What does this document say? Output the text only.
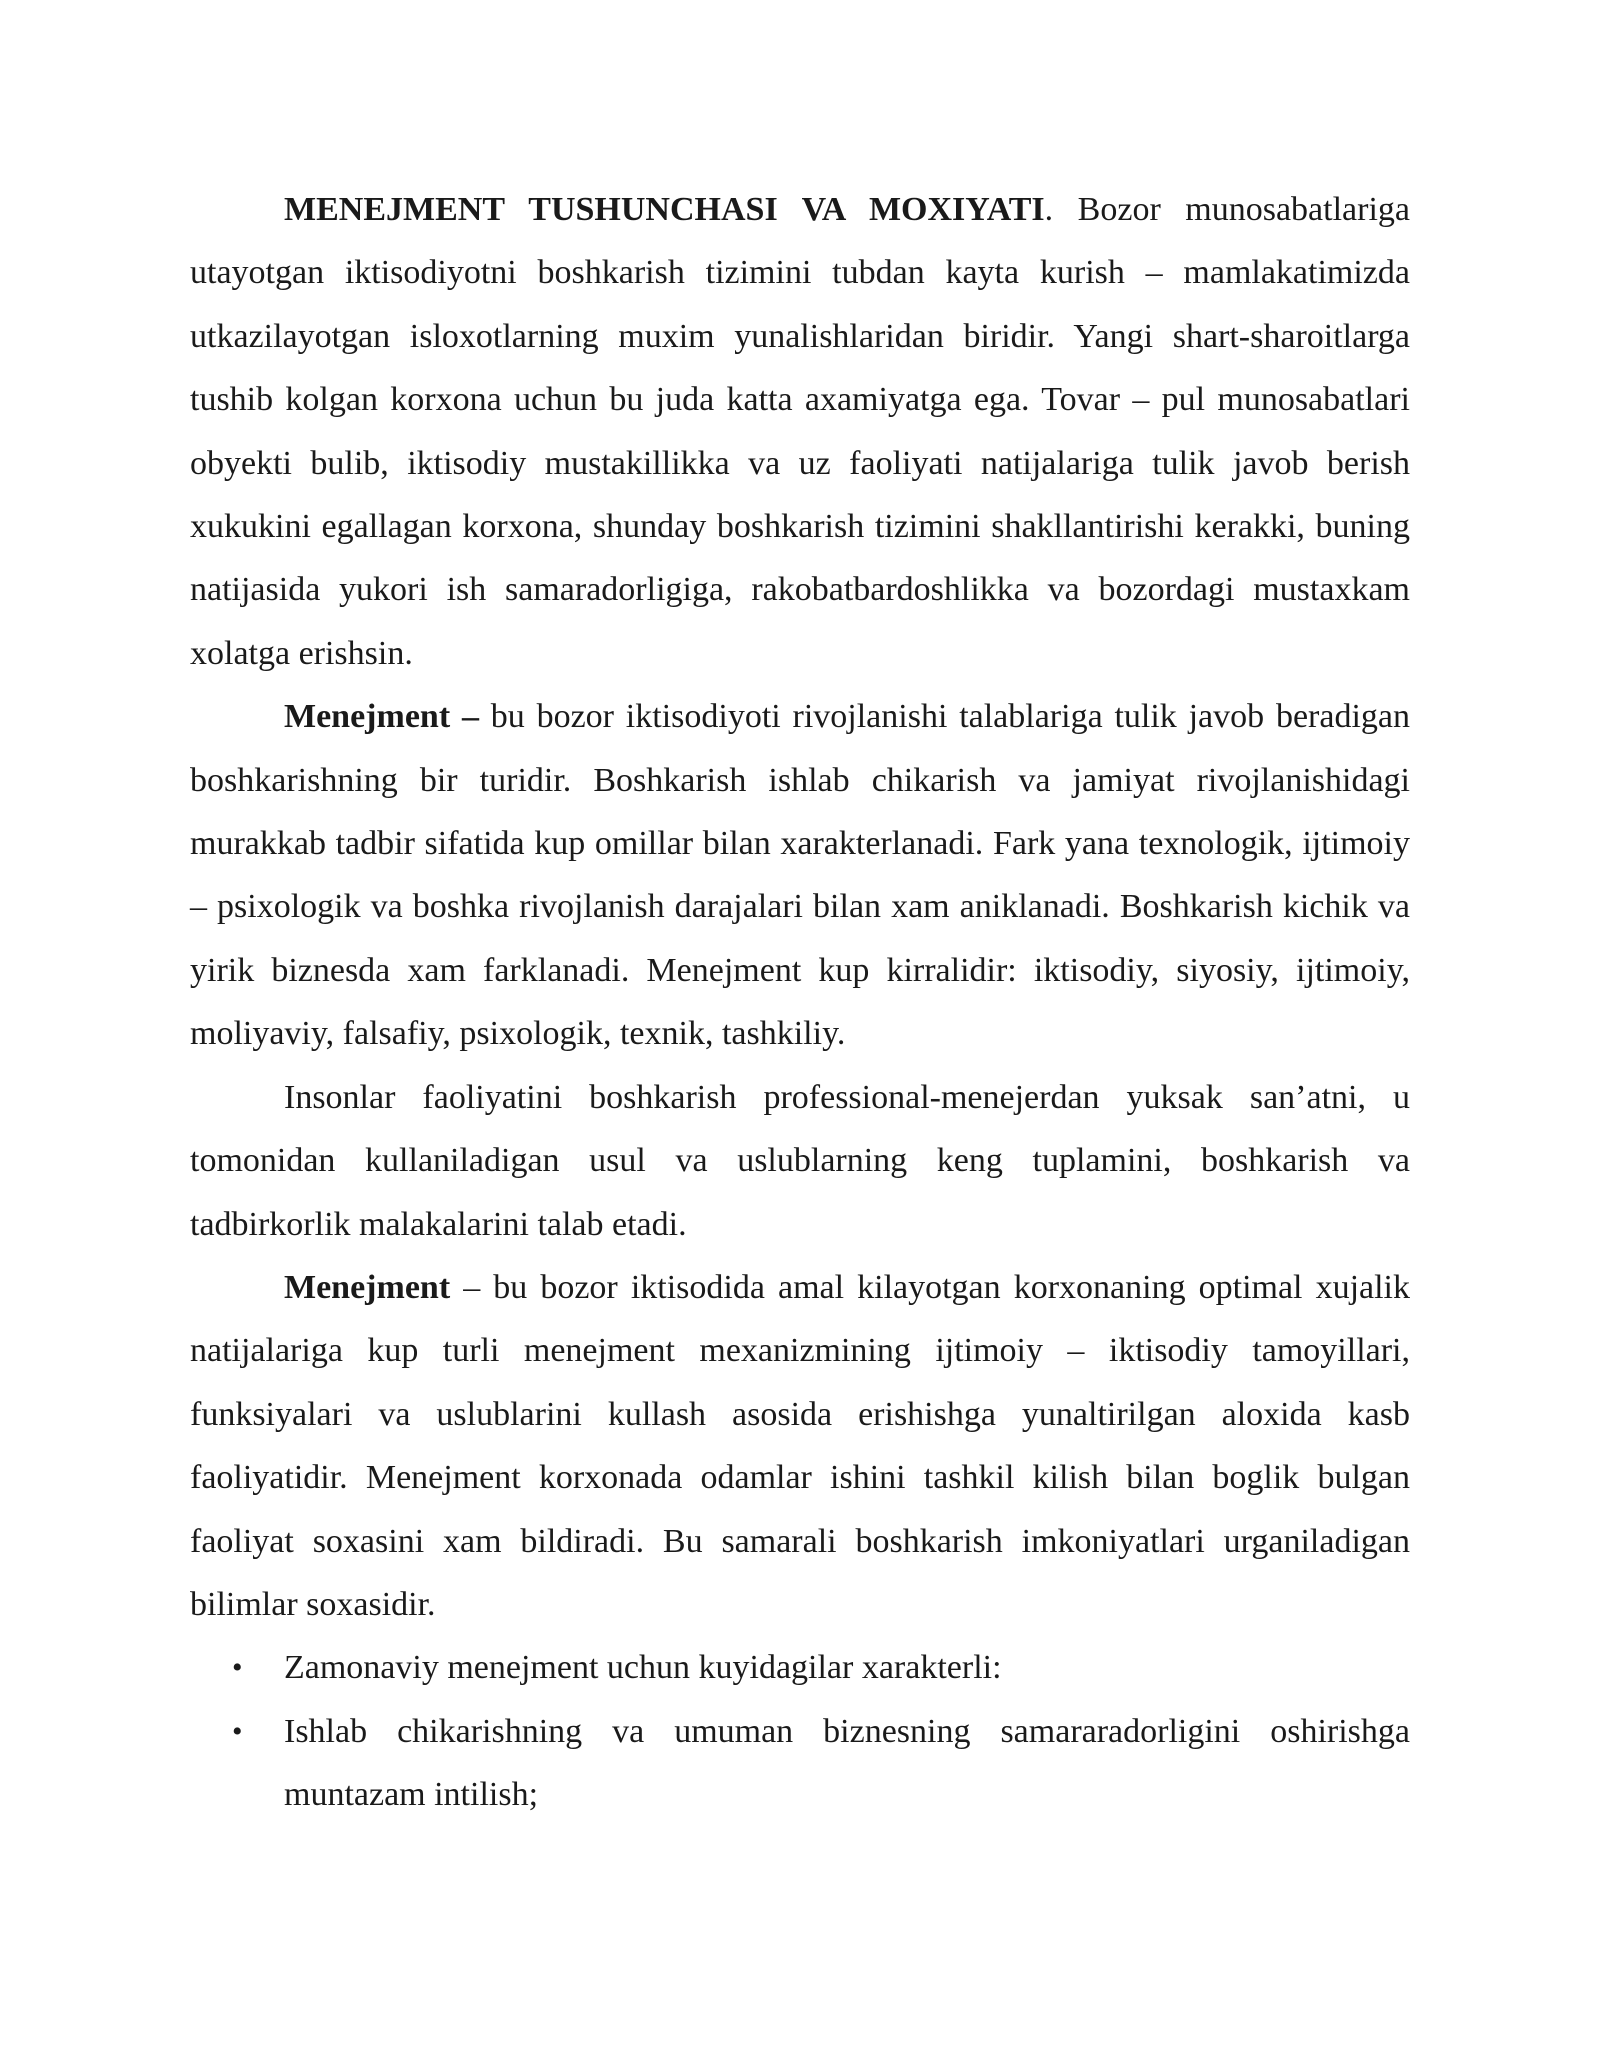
MENEJMENT TUSHUNCHASI VA MOXIYATI. Bozor munosabatlariga utayotgan iktisodiyotni boshkarish tizimini tubdan kayta kurish – mamlakatimizda utkazilayotgan isloxotlarning muxim yunalishlaridan biridir. Yangi shart-sharoitlarga tushib kolgan korxona uchun bu juda katta axamiyatga ega. Tovar – pul munosabatlari obyekti bulib, iktisodiy mustakillikka va uz faoliyati natijalariga tulik javob berish xukukini egallagan korxona, shunday boshkarish tizimini shakllantirishi kerakki, buning natijasida yukori ish samaradorligiga, rakobatbardoshlikka va bozordagi mustaxkam xolatga erishsin.

Menejment – bu bozor iktisodiyoti rivojlanishi talablariga tulik javob beradigan boshkarishning bir turidir. Boshkarish ishlab chikarish va jamiyat rivojlanishidagi murakkab tadbir sifatida kup omillar bilan xarakterlanadi. Fark yana texnologik, ijtimoiy – psixologik va boshka rivojlanish darajalari bilan xam aniklanadi. Boshkarish kichik va yirik biznesda xam farklanadi. Menejment kup kirralidir: iktisodiy, siyosiy, ijtimoiy, moliyaviy, falsafiy, psixologik, texnik, tashkiliy.

Insonlar faoliyatini boshkarish professional-menejerdan yuksak san’atni, u tomonidan kullaniladigan usul va uslublarning keng tuplamini, boshkarish va tadbirkorlik malakalarini talab etadi.

Menejment – bu bozor iktisodida amal kilayotgan korxonaning optimal xujalik natijalariga kup turli menejment mexanizmining ijtimoiy – iktisodiy tamoyillari, funksiyalari va uslublarini kullash asosida erishishga yunaltirilgan aloxida kasb faoliyatidir. Menejment korxonada odamlar ishini tashkil kilish bilan boglik bulgan faoliyat soxasini xam bildiradi. Bu samarali boshkarish imkoniyatlari urganiladigan bilimlar soxasidir.

• Zamonaviy menejment uchun kuyidagilar xarakterli:
• Ishlab chikarishning va umuman biznesning samararadorligini oshirishga muntazam intilish;
